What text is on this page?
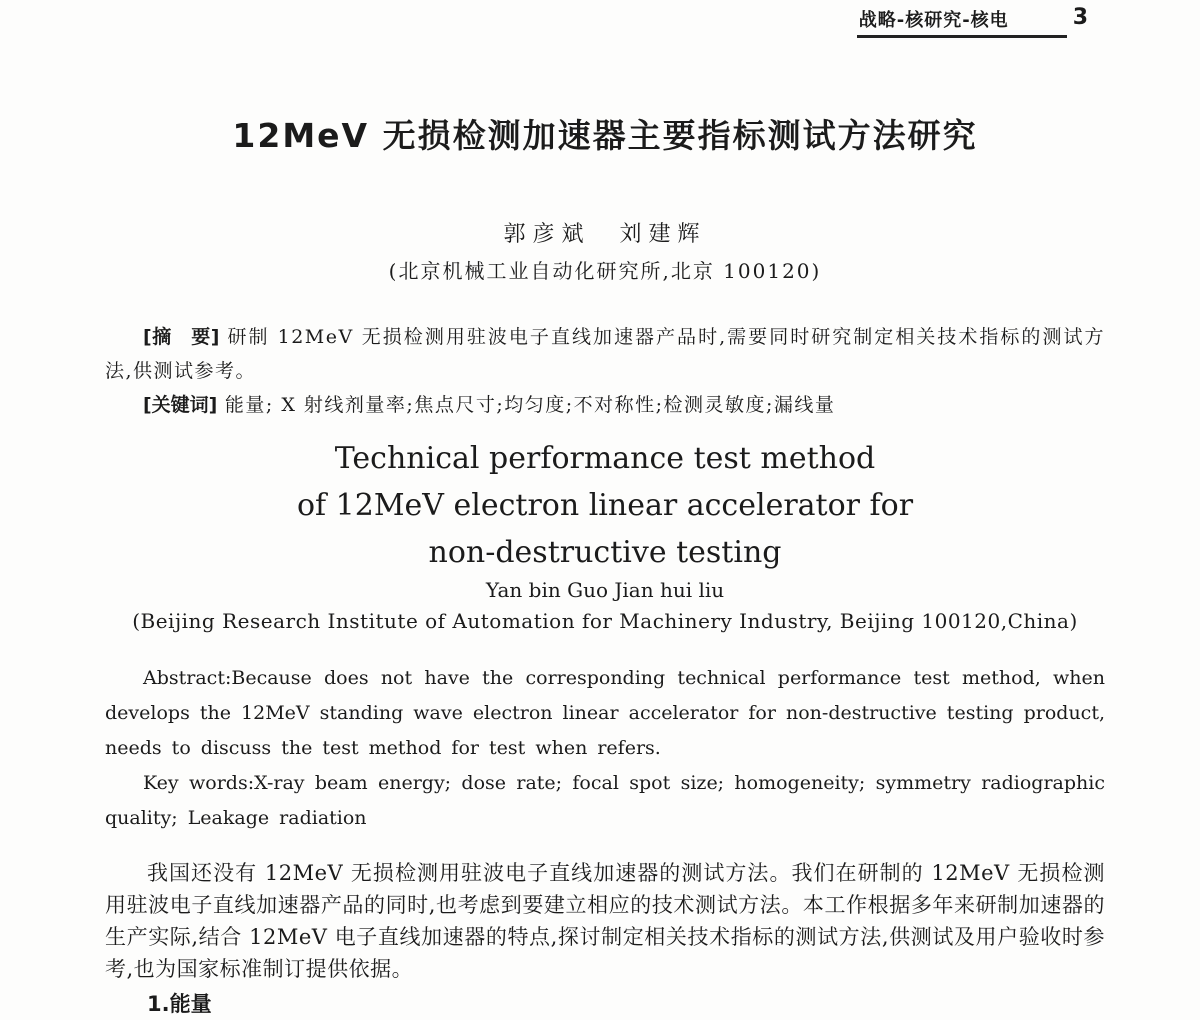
战略-核研究-核电	3
12MeV 无损检测加速器主要指标测试方法研究
郭彦斌　刘建辉
(北京机械工业自动化研究所,北京 100120)

[摘　要] 研制 12MeV 无损检测用驻波电子直线加速器产品时,需要同时研究制定相关技术指标的测试方法,供测试参考。

[关键词] 能量; X 射线剂量率;焦点尺寸;均匀度;不对称性;检测灵敏度;漏线量

Technical performance test method
of 12MeV electron linear accelerator for
non-destructive testing
Yan bin Guo Jian hui liu
(Beijing Research Institute of Automation for Machinery Industry, Beijing 100120,China)

Abstract:Because does not have the corresponding technical performance test method, when develops the 12MeV standing wave electron linear accelerator for non-destructive testing product, needs to discuss the test method for test when refers.

Key words:X-ray beam energy; dose rate; focal spot size; homogeneity; symmetry radiographic quality; Leakage radiation

我国还没有 12MeV 无损检测用驻波电子直线加速器的测试方法。我们在研制的 12MeV 无损检测用驻波电子直线加速器产品的同时,也考虑到要建立相应的技术测试方法。本工作根据多年来研制加速器的生产实际,结合 12MeV 电子直线加速器的特点,探讨制定相关技术指标的测试方法,供测试及用户验收时参考,也为国家标准制订提供依据。

1.能量
